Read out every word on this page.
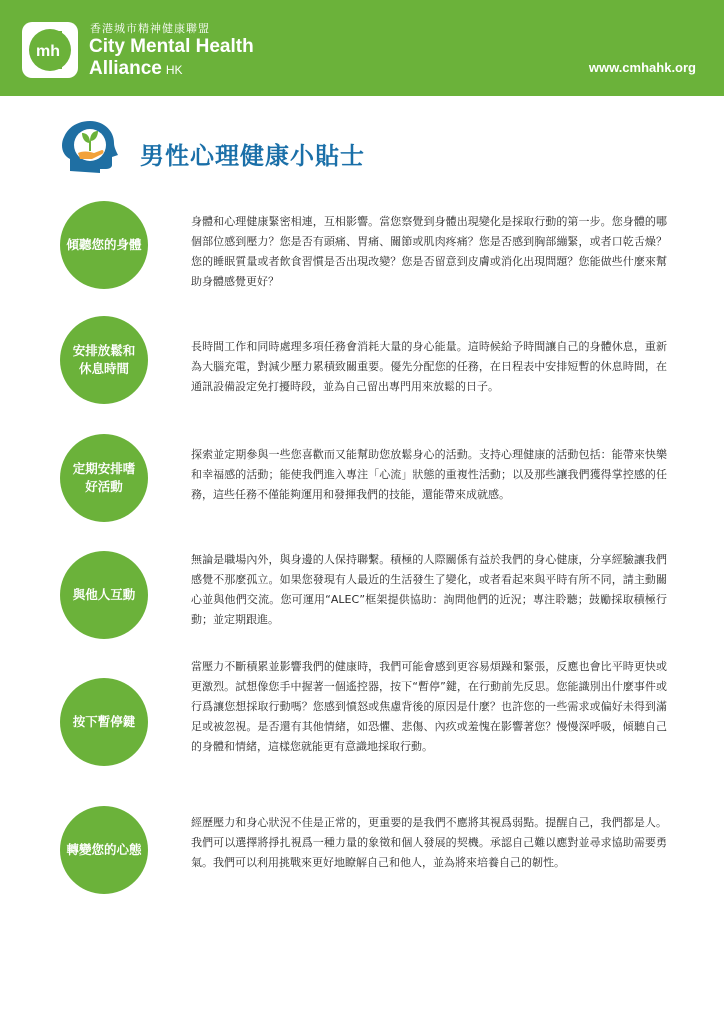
mh
香港城市精神健康聯盟
City Mental Health
Alliance HK	www.cmhahk.org
男性心理健康小貼士
傾聽您的身體

身體和心理健康緊密相連，互相影響。當您察覺到身體出現變化是採取行動的第一步。您身體的哪個部位感到壓力？您是否有頭痛、胃痛、關節或肌肉疼痛？您是否感到胸部繃緊，或者口乾舌燥？您的睡眠質量或者飲食習慣是否出現改變？您是否留意到皮膚或消化出現問題？您能做些什麼來幫助身體感覺更好？

安排放鬆和
休息時間

長時間工作和同時處理多項任務會消耗大量的身心能量。這時候給予時間讓自己的身體休息，重新為大腦充電，對減少壓力累積致關重要。優先分配您的任務，在日程表中安排短暫的休息時間，在通訊設備設定免打擾時段，並為自己留出專門用來放鬆的日子。

定期安排嗜
好活動

探索並定期參與一些您喜歡而又能幫助您放鬆身心的活動。支持心理健康的活動包括：能帶來快樂和幸福感的活動；能使我們進入專注「心流」狀態的重複性活動；以及那些讓我們獲得掌控感的任務，這些任務不僅能夠運用和發揮我們的技能，還能帶來成就感。

與他人互動

無論是職場內外，與身邊的人保持聯繫。積極的人際關係有益於我們的身心健康，分享經驗讓我們感覺不那麼孤立。如果您發現有人最近的生活發生了變化，或者看起來與平時有所不同，請主動關心並與他們交流。您可運用“ALEC”框架提供協助：詢問他們的近況；專注聆聽；鼓勵採取積極行動；並定期跟進。

按下暫停鍵

當壓力不斷積累並影響我們的健康時，我們可能會感到更容易煩躁和緊張，反應也會比平時更快或更激烈。試想像您手中握著一個遙控器，按下“暫停”鍵，在行動前先反思。您能識別出什麼事件或行爲讓您想採取行動嗎？您感到憤怒或焦慮背後的原因是什麼？也許您的一些需求或偏好未得到滿足或被忽視。是否還有其他情緒，如恐懼、悲傷、內疚或羞愧在影響著您？慢慢深呼吸，傾聽自己的身體和情緒，這樣您就能更有意識地採取行動。

轉變您的心態

經歷壓力和身心狀況不佳是正常的，更重要的是我們不應將其視爲弱點。提醒自己，我們都是人。我們可以選擇將掙扎視爲一種力量的象徵和個人發展的契機。承認自己難以應對並尋求協助需要勇氣。我們可以利用挑戰來更好地瞭解自己和他人，並為將來培養自己的韌性。
